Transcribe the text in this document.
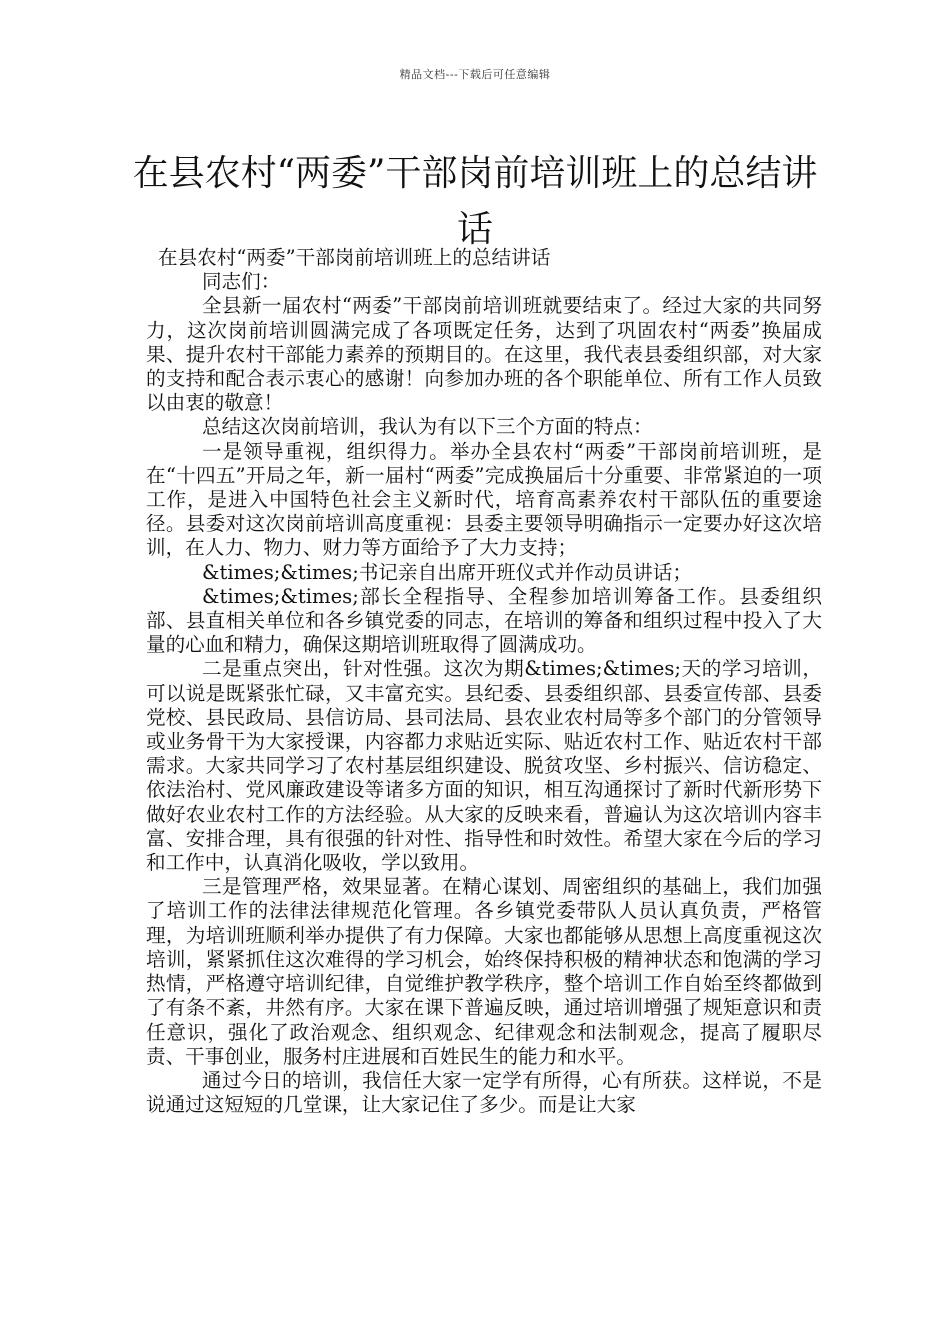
精品文档---下载后可任意编辑
在县农村“两委”干部岗前培训班上的总结讲话

在县农村“两委”干部岗前培训班上的总结讲话

同志们：

全县新一届农村“两委”干部岗前培训班就要结束了。经过大家的共同努力，这次岗前培训圆满完成了各项既定任务，达到了巩固农村“两委”换届成果、提升农村干部能力素养的预期目的。在这里，我代表县委组织部，对大家的支持和配合表示衷心的感谢！向参加办班的各个职能单位、所有工作人员致以由衷的敬意！

总结这次岗前培训，我认为有以下三个方面的特点：

一是领导重视，组织得力。举办全县农村“两委”干部岗前培训班，是在“十四五”开局之年，新一届村“两委”完成换届后十分重要、非常紧迫的一项工作，是进入中国特色社会主义新时代，培育高素养农村干部队伍的重要途径。县委对这次岗前培训高度重视：县委主要领导明确指示一定要办好这次培训，在人力、物力、财力等方面给予了大力支持；

&times;&times;书记亲自出席开班仪式并作动员讲话；

&times;&times;部长全程指导、全程参加培训筹备工作。县委组织部、县直相关单位和各乡镇党委的同志，在培训的筹备和组织过程中投入了大量的心血和精力，确保这期培训班取得了圆满成功。

二是重点突出，针对性强。这次为期&times;&times;天的学习培训，可以说是既紧张忙碌，又丰富充实。县纪委、县委组织部、县委宣传部、县委党校、县民政局、县信访局、县司法局、县农业农村局等多个部门的分管领导或业务骨干为大家授课，内容都力求贴近实际、贴近农村工作、贴近农村干部需求。大家共同学习了农村基层组织建设、脱贫攻坚、乡村振兴、信访稳定、依法治村、党风廉政建设等诸多方面的知识，相互沟通探讨了新时代新形势下做好农业农村工作的方法经验。从大家的反映来看，普遍认为这次培训内容丰富、安排合理，具有很强的针对性、指导性和时效性。希望大家在今后的学习和工作中，认真消化吸收，学以致用。

三是管理严格，效果显著。在精心谋划、周密组织的基础上，我们加强了培训工作的法律法律规范化管理。各乡镇党委带队人员认真负责，严格管理，为培训班顺利举办提供了有力保障。大家也都能够从思想上高度重视这次培训，紧紧抓住这次难得的学习机会，始终保持积极的精神状态和饱满的学习热情，严格遵守培训纪律，自觉维护教学秩序，整个培训工作自始至终都做到了有条不紊，井然有序。大家在课下普遍反映，通过培训增强了规矩意识和责任意识，强化了政治观念、组织观念、纪律观念和法制观念，提高了履职尽责、干事创业，服务村庄进展和百姓民生的能力和水平。

通过今日的培训，我信任大家一定学有所得，心有所获。这样说，不是说通过这短短的几堂课，让大家记住了多少。而是让大家
